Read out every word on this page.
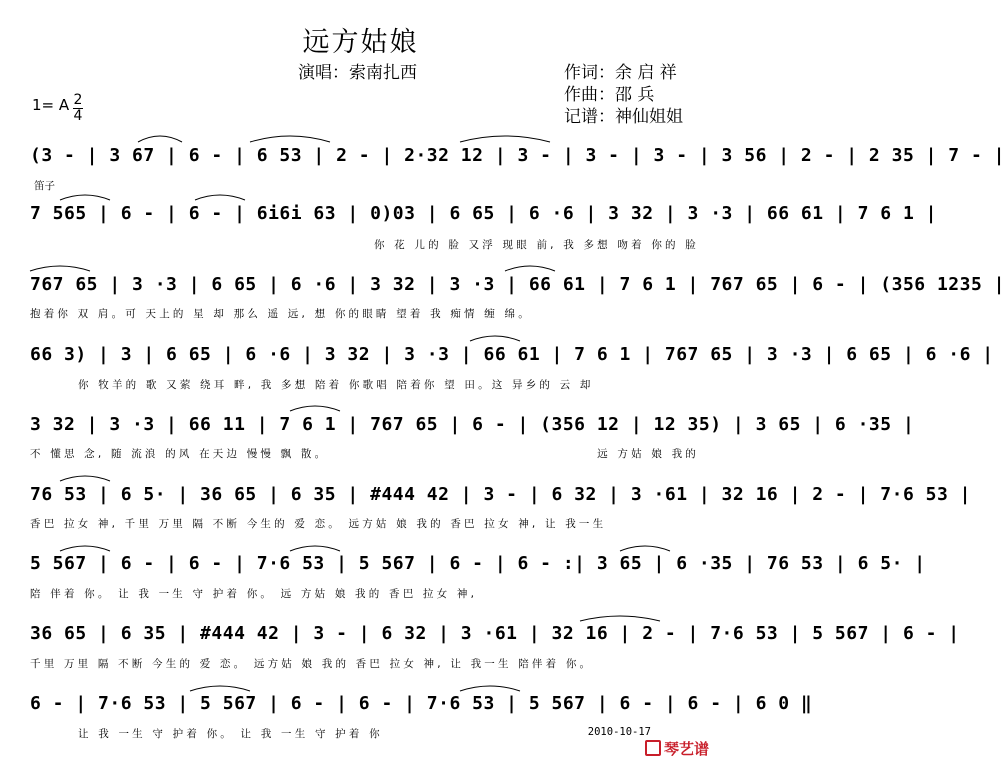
远方姑娘
演唱：索南扎西	作词：余 启 祥
作曲：邵 兵
记谱：神仙姐姐
1= A 2
4
(3 - | 3 67 | 6 - | 6 53 | 2 - | 2·32 12 | 3 - | 3 - | 3 - | 3 56 | 2 - | 2 35 | 7 - |
笛子
7 565 | 6 - | 6 - | 6i6i 63 | 0)03 | 6 65 | 6 ·6 | 3 32 | 3 ·3 | 66 61 | 7 6 1 |
你 花 儿的 脸 又浮 现眼 前, 我 多想 吻着 你的 脸
767 65 | 3 ·3 | 6 65 | 6 ·6 | 3 32 | 3 ·3 | 66 61 | 7 6 1 | 767 65 | 6 - | (356 1235 |
抱着你 双 肩。可 天上的 星 却 那么 遥 远, 想 你的眼睛 望着 我 痴情 缠 绵。
66 3) | 3 | 6 65 | 6 ·6 | 3 32 | 3 ·3 | 66 61 | 7 6 1 | 767 65 | 3 ·3 | 6 65 | 6 ·6 |
你 牧羊的 歌 又萦 绕耳 畔, 我 多想 陪着 你歌唱 陪着你 望 田。这 异乡的 云 却
3 32 | 3 ·3 | 66 11 | 7 6 1 | 767 65 | 6 - | (356 12 | 12 35) | 3 65 | 6 ·35 |
不 懂思 念, 随 流浪 的风 在天边 慢慢 飘 散。	远 方姑 娘 我的
76 53 | 6 5· | 36 65 | 6 35 | #444 42 | 3 - | 6 32 | 3 ·61 | 32 16 | 2 - | 7·6 53 |
香巴 拉女 神, 千里 万里 隔 不断 今生的 爱 恋。 远方姑 娘 我的 香巴 拉女 神, 让 我一生
5 567 | 6 - | 6 - | 7·6 53 | 5 567 | 6 - | 6 - :| 3 65 | 6 ·35 | 76 53 | 6 5· |
陪 伴着 你。 让 我 一生 守 护着 你。 远 方姑 娘 我的 香巴 拉女 神,
36 65 | 6 35 | #444 42 | 3 - | 6 32 | 3 ·61 | 32 16 | 2 - | 7·6 53 | 5 567 | 6 - |
千里 万里 隔 不断 今生的 爱 恋。 远方姑 娘 我的 香巴 拉女 神, 让 我一生 陪伴着 你。
6 - | 7·6 53 | 5 567 | 6 - | 6 - | 7·6 53 | 5 567 | 6 - | 6 - | 6 0 ‖
让 我 一生 守 护着 你。 让 我 一生 守 护着 你	2010-10-17
琴艺谱
